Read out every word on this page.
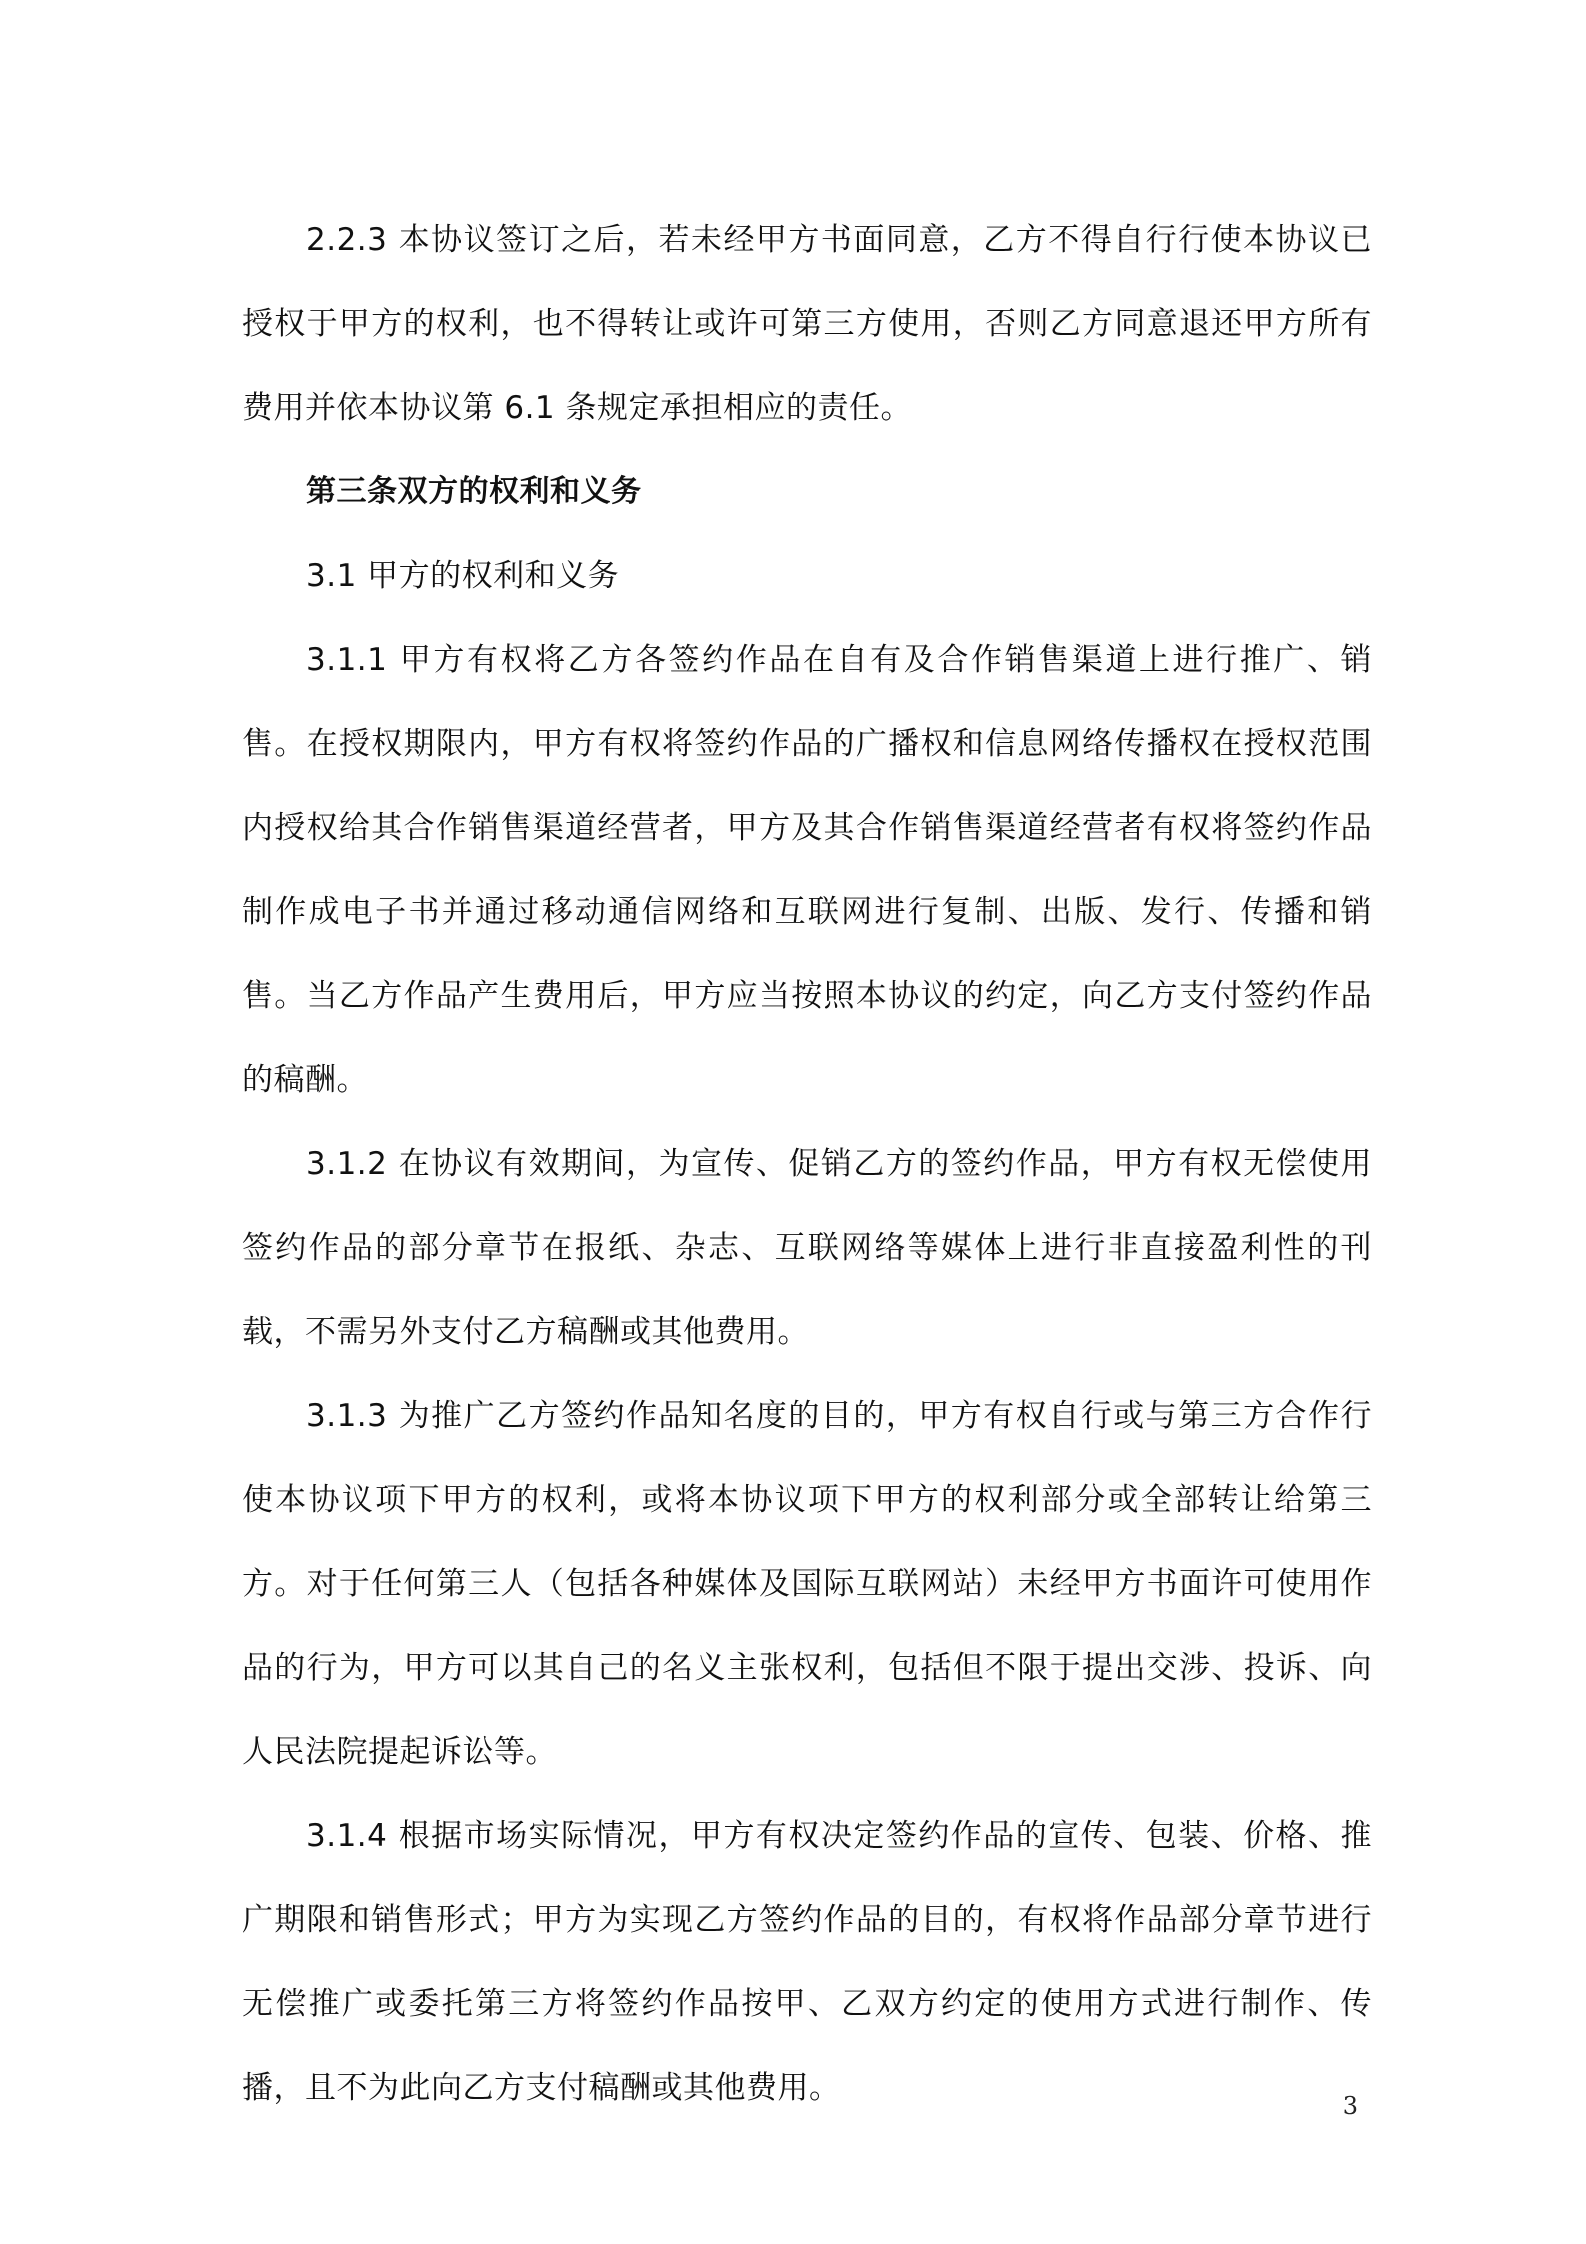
2.2.3 本协议签订之后，若未经甲方书面同意，乙方不得自行行使本协议已授权于甲方的权利，也不得转让或许可第三方使用，否则乙方同意退还甲方所有费用并依本协议第 6.1 条规定承担相应的责任。

第三条双方的权利和义务

3.1 甲方的权利和义务

3.1.1 甲方有权将乙方各签约作品在自有及合作销售渠道上进行推广、销售。在授权期限内，甲方有权将签约作品的广播权和信息网络传播权在授权范围内授权给其合作销售渠道经营者，甲方及其合作销售渠道经营者有权将签约作品制作成电子书并通过移动通信网络和互联网进行复制、出版、发行、传播和销售。当乙方作品产生费用后，甲方应当按照本协议的约定，向乙方支付签约作品的稿酬。

3.1.2 在协议有效期间，为宣传、促销乙方的签约作品，甲方有权无偿使用签约作品的部分章节在报纸、杂志、互联网络等媒体上进行非直接盈利性的刊载，不需另外支付乙方稿酬或其他费用。

3.1.3 为推广乙方签约作品知名度的目的，甲方有权自行或与第三方合作行使本协议项下甲方的权利，或将本协议项下甲方的权利部分或全部转让给第三方。对于任何第三人（包括各种媒体及国际互联网站）未经甲方书面许可使用作品的行为，甲方可以其自己的名义主张权利，包括但不限于提出交涉、投诉、向人民法院提起诉讼等。

3.1.4 根据市场实际情况，甲方有权决定签约作品的宣传、包装、价格、推广期限和销售形式；甲方为实现乙方签约作品的目的，有权将作品部分章节进行无偿推广或委托第三方将签约作品按甲、乙双方约定的使用方式进行制作、传播，且不为此向乙方支付稿酬或其他费用。	3
